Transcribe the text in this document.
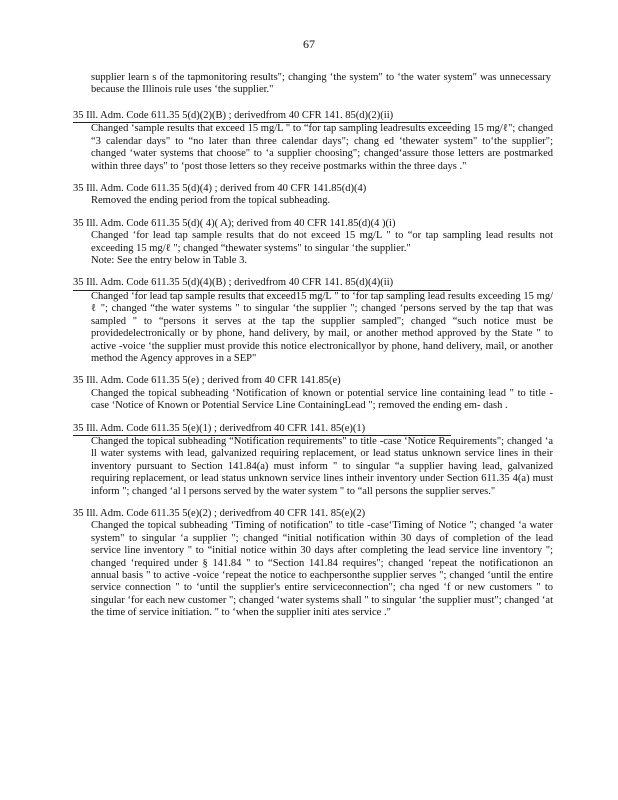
67
supplier learn s of the tapmonitoring results"; changing ‘the system" to ‘the water system" was unnecessary because the Illinois rule uses ‘the supplier."
35 Ill. Adm. Code 611.35 5(d)(2)(B) ; derivedfrom 40 CFR 141. 85(d)(2)(ii)

Changed ‘sample results that exceed 15 mg/L " to “for tap sampling leadresults exceeding 15 mg/ℓ"; changed “3 calendar days" to “no later than three calendar days"; chang ed ‘thewater system" to‘the supplier"; changed ‘water systems that choose" to ‘a supplier choosing"; changed‘assure those letters are postmarked within three days" to ‘post those letters so they receive postmarks within the three days ."

35 Ill. Adm. Code 611.35 5(d)(4) ; derived from 40 CFR 141.85(d)(4)

Removed the ending period from the topical subheading.

35 Ill. Adm. Code 611.35 5(d)( 4)( A); derived from 40 CFR 141.85(d)(4 )(i)

Changed ‘for lead tap sample results that do not exceed 15 mg/L " to “or tap sampling lead results not exceeding 15 mg/ℓ "; changed “thewater systems" to singular ‘the supplier."

Note: See the entry below in Table 3.

35 Ill. Adm. Code 611.35 5(d)(4)(B) ; derivedfrom 40 CFR 141. 85(d)(4)(ii)

Changed ‘for lead tap sample results that exceed15 mg/L " to ‘for tap sampling lead results exceeding 15 mg/ℓ "; changed “the water systems " to singular ‘the supplier "; changed ‘persons served by the tap that was sampled " to “persons it serves at the tap the supplier sampled"; changed “such notice must be providedelectronically or by phone, hand delivery, by mail, or another method approved by the State " to active -voice ‘the supplier must provide this notice electronicallyor by phone, hand delivery, mail, or another method the Agency approves in a SEP"

35 Ill. Adm. Code 611.35 5(e) ; derived from 40 CFR 141.85(e)

Changed the topical subheading ‘Notification of known or potential service line containing lead " to title -case ‘Notice of Known or Potential Service Line ContainingLead "; removed the ending em- dash .

35 Ill. Adm. Code 611.35 5(e)(1) ; derivedfrom 40 CFR 141. 85(e)(1)

Changed the topical subheading “Notification requirements" to title -case ‘Notice Requirements"; changed ‘a ll water systems with lead, galvanized requiring replacement, or lead status unknown service lines in their inventory pursuant to Section 141.84(a) must inform " to singular “a supplier having lead, galvanized requiring replacement, or lead status unknown service lines intheir inventory under Section 611.35 4(a) must inform "; changed ‘al l persons served by the water system " to “all persons the supplier serves."

35 Ill. Adm. Code 611.35 5(e)(2) ; derivedfrom 40 CFR 141. 85(e)(2)

Changed the topical subheading ‘Timing of notification" to title -case‘Timing of Notice "; changed ‘a water system" to singular ‘a supplier "; changed “initial notification within 30 days of completion of the lead service line inventory " to “initial notice within 30 days after completing the lead service line inventory "; changed ‘required under § 141.84 " to “Section 141.84 requires"; changed ‘repeat the notificationon an annual basis " to active -voice ‘repeat the notice to eachpersonthe supplier serves "; changed ‘until the entire service connection " to ‘until the supplier's entire serviceconnection"; cha nged ‘f or new customers " to singular ‘for each new customer "; changed ‘water systems shall " to singular ‘the supplier must"; changed ‘at the time of service initiation. " to ‘when the supplier initi ates service ."
